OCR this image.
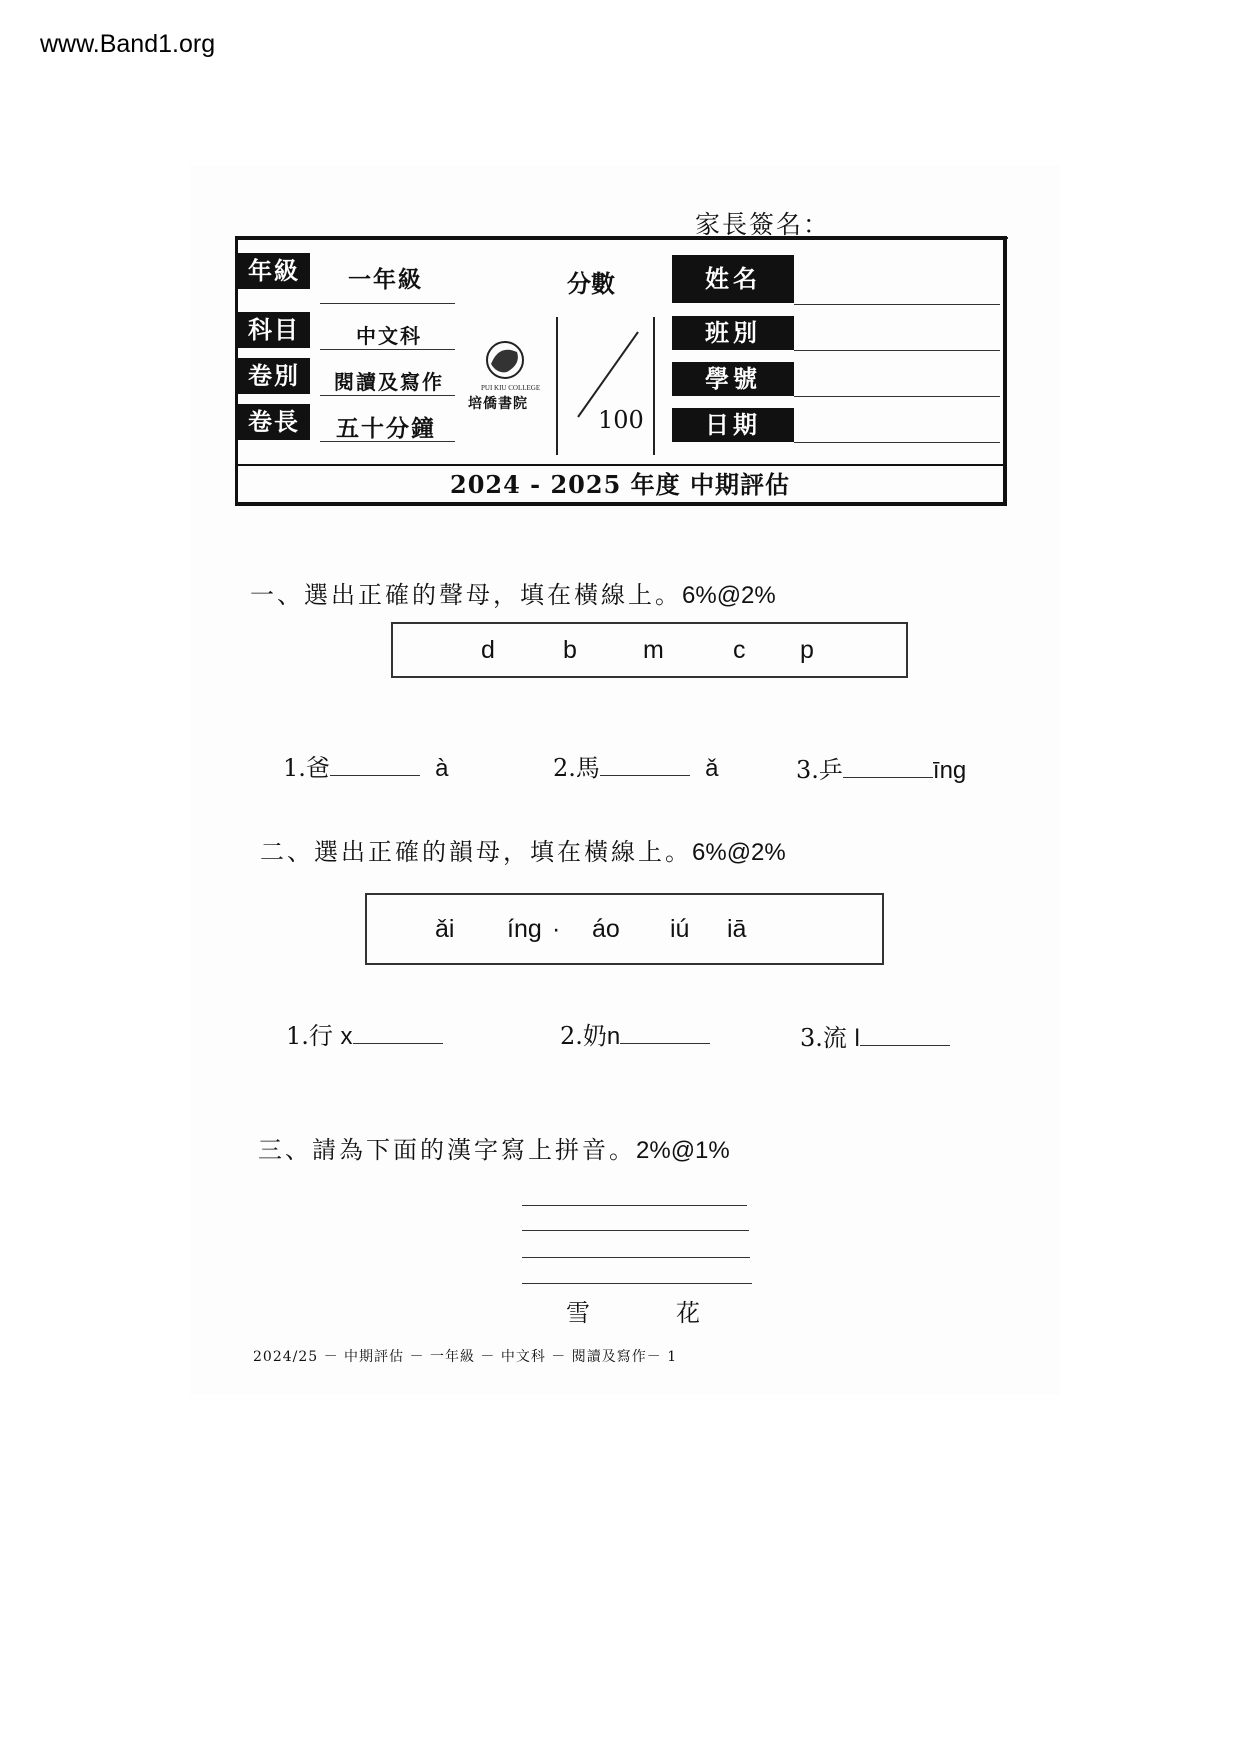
www.Band1.org
家長簽名：
年級	一年級
科目	中文科
卷別	閱讀及寫作
卷長	五十分鐘
PUI KIU COLLEGE
培僑書院
分數
100
姓名
班別
學號
日期
2024 - 2025 年度 中期評估
一、選出正確的聲母，填在橫線上。6%@2%
d	b	m	c p
1.爸	à	2.馬	ǎ	3.乒	īng
二、選出正確的韻母，填在橫線上。6%@2%
ǎi íng · áo iú iā
1.行 x	2.奶n	3.流 l
三、請為下面的漢字寫上拼音。2%@1%
雪	花
2024/25 － 中期評估 － 一年級 － 中文科 － 閱讀及寫作－ 1
